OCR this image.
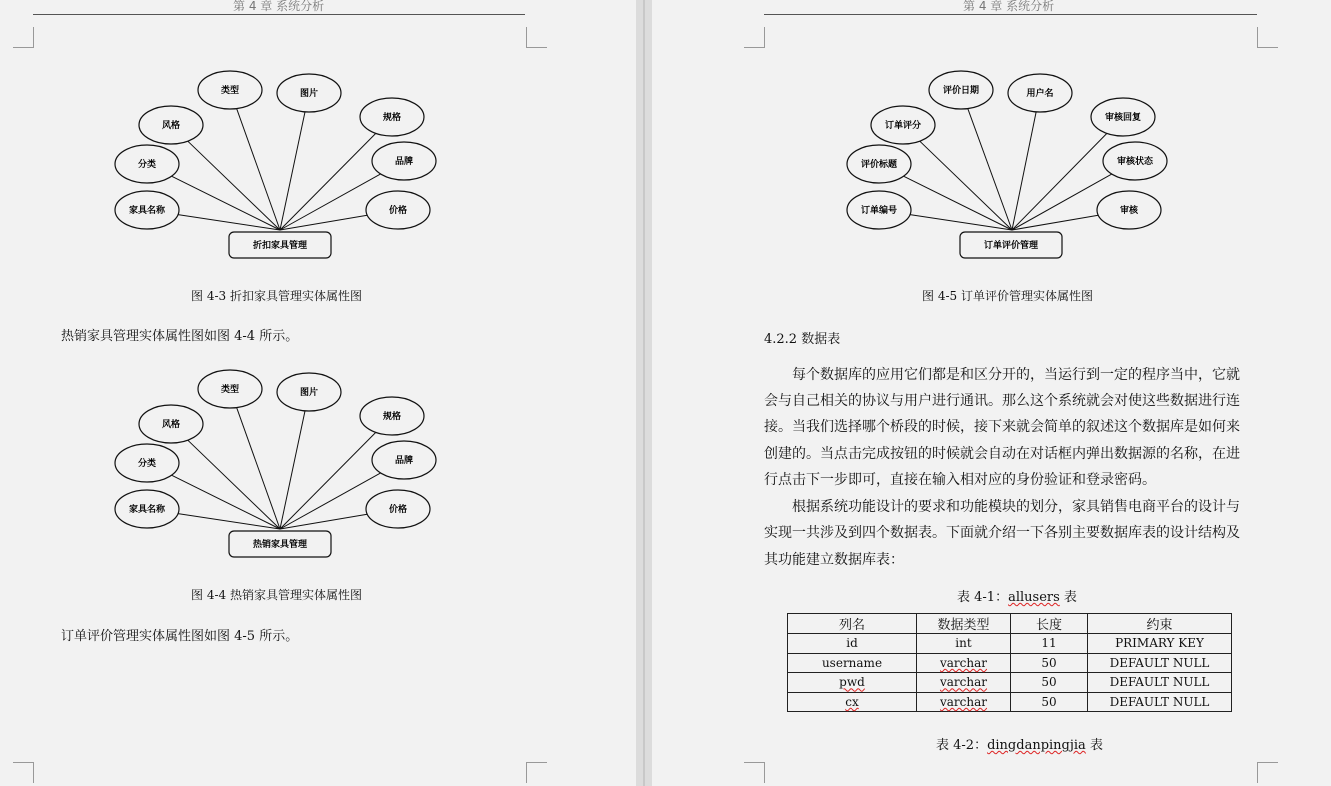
第 4 章 系统分析
家具名称
分类
风格
类型	图片
规格
品牌
价格
折扣家具管理
图 4-3 折扣家具管理实体属性图
热销家具管理实体属性图如图 4-4 所示。
家具名称
分类
风格
类型	图片
规格
品牌
价格
热销家具管理
图 4-4 热销家具管理实体属性图
订单评价管理实体属性图如图 4-5 所示。
第 4 章 系统分析
订单编号
评价标题
订单评分
评价日期	用户名
审核回复
审核状态
审核
订单评价管理
图 4-5 订单评价管理实体属性图
4.2.2 数据表
每个数据库的应用它们都是和区分开的，当运行到一定的程序当中，它就
会与自己相关的协议与用户进行通讯。那么这个系统就会对使这些数据进行连
接。当我们选择哪个桥段的时候，接下来就会简单的叙述这个数据库是如何来
创建的。当点击完成按钮的时候就会自动在对话框内弹出数据源的名称，在进
行点击下一步即可，直接在输入相对应的身份验证和登录密码。
根据系统功能设计的要求和功能模块的划分，家具销售电商平台的设计与
实现一共涉及到四个数据表。下面就介绍一下各别主要数据库表的设计结构及
其功能建立数据库表：
表 4-1：allusers 表
列名	数据类型	长度	约束
id	int	11	PRIMARY KEY
username	varchar	50	DEFAULT NULL
pwd	varchar	50	DEFAULT NULL
cx	varchar	50	DEFAULT NULL
表 4-2：dingdanpingjia 表
